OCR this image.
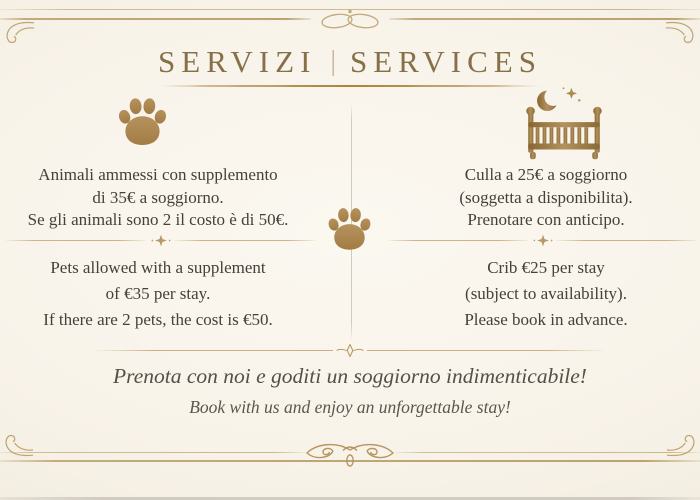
SERVIZI | SERVICES
Animali ammessi con supplemento
di 35€ a soggiorno.
Se gli animali sono 2 il costo è di 50€.
Culla a 25€ a soggiorno
(soggetta a disponibilita).
Prenotare con anticipo.
Pets allowed with a supplement
of €35 per stay.
If there are 2 pets, the cost is €50.
Crib €25 per stay
(subject to availability).
Please book in advance.
Prenota con noi e goditi un soggiorno indimenticabile!
Book with us and enjoy an unforgettable stay!
